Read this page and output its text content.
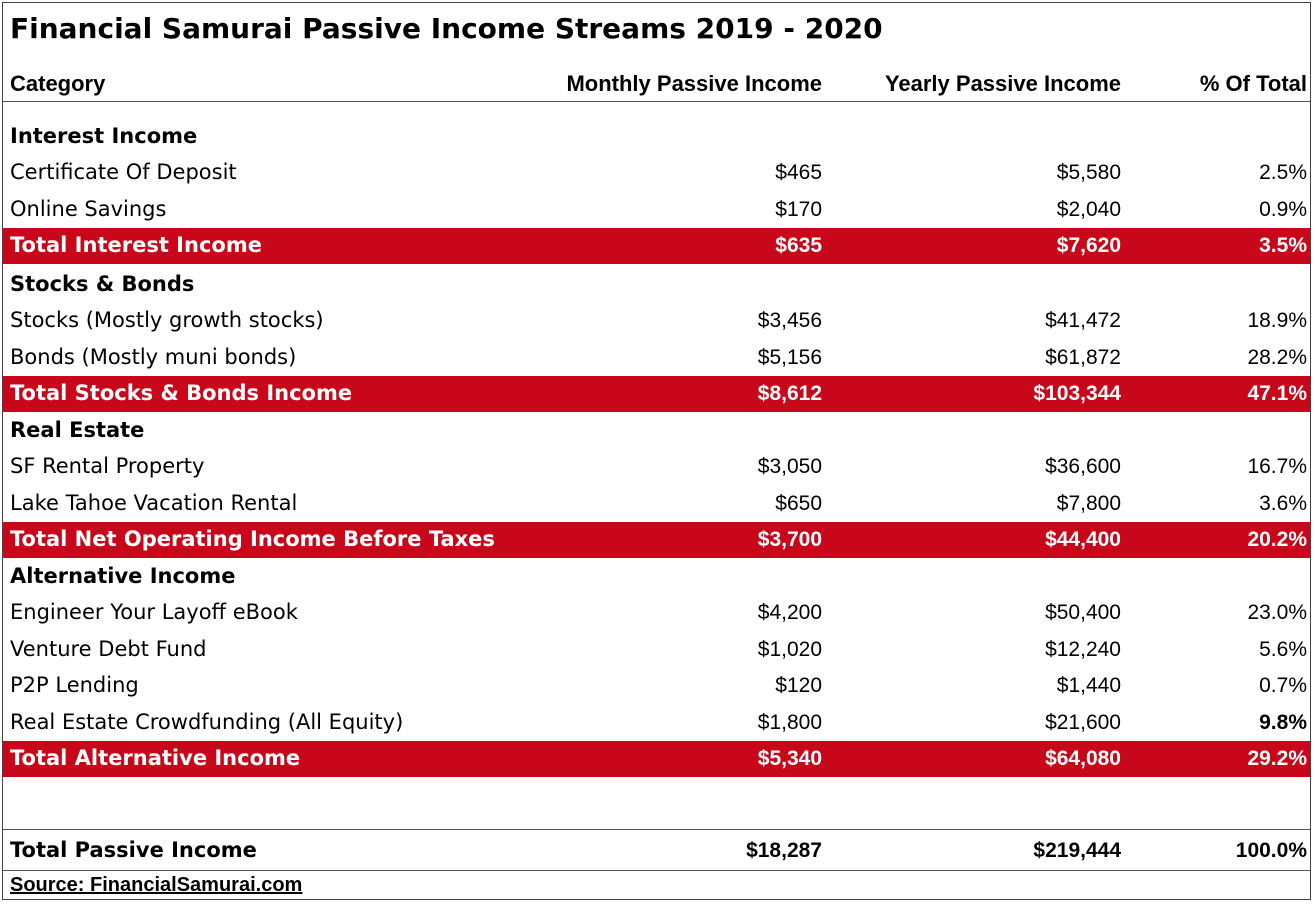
Financial Samurai Passive Income Streams 2019 - 2020
Category	Monthly Passive Income	Yearly Passive Income	% Of Total
Interest Income
Certificate Of Deposit	$465	$5,580	2.5%
Online Savings	$170	$2,040	0.9%
Total Interest Income	$635	$7,620	3.5%
Stocks & Bonds
Stocks (Mostly growth stocks)	$3,456	$41,472	18.9%
Bonds (Mostly muni bonds)	$5,156	$61,872	28.2%
Total Stocks & Bonds Income	$8,612	$103,344	47.1%
Real Estate
SF Rental Property	$3,050	$36,600	16.7%
Lake Tahoe Vacation Rental	$650	$7,800	3.6%
Total Net Operating Income Before Taxes	$3,700	$44,400	20.2%
Alternative Income
Engineer Your Layoff eBook	$4,200	$50,400	23.0%
Venture Debt Fund	$1,020	$12,240	5.6%
P2P Lending	$120	$1,440	0.7%
Real Estate Crowdfunding (All Equity)	$1,800	$21,600	9.8%
Total Alternative Income	$5,340	$64,080	29.2%
Total Passive Income	$18,287	$219,444	100.0%
Source: FinancialSamurai.com
